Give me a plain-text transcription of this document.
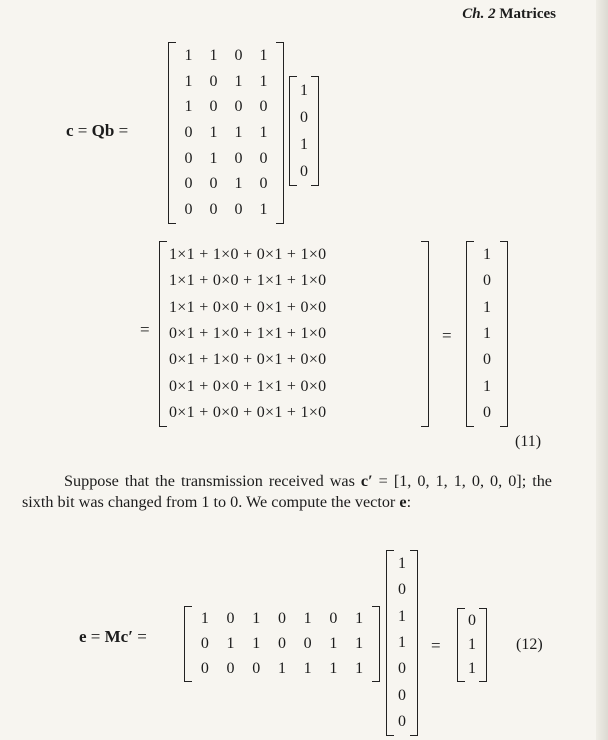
Ch. 2 Matrices
c = Qb =
1	1	0	1
1	0	1	1
1	0	0	0
0	1	1	1
0	1	0	0
0	0	1	0
0	0	0	1
1
0
1
0
=
1×1 + 1×0 + 0×1 + 1×0
1×1 + 0×0 + 1×1 + 1×0
1×1 + 0×0 + 0×1 + 0×0
0×1 + 1×0 + 1×1 + 1×0
0×1 + 1×0 + 0×1 + 0×0
0×1 + 0×0 + 1×1 + 0×0
0×1 + 0×0 + 0×1 + 1×0
=
1
0
1
1
0
1
0
(11)
Suppose that the transmission received was c′ = [1, 0, 1, 1, 0, 0, 0]; the sixth bit was changed from 1 to 0. We compute the vector e:
e = Mc′ =
1	0	1	0	1	0	1
0	1	1	0	0	1	1
0	0	0	1	1	1	1
1
0
1
1
0
0
0
=
0
1
1
(12)
